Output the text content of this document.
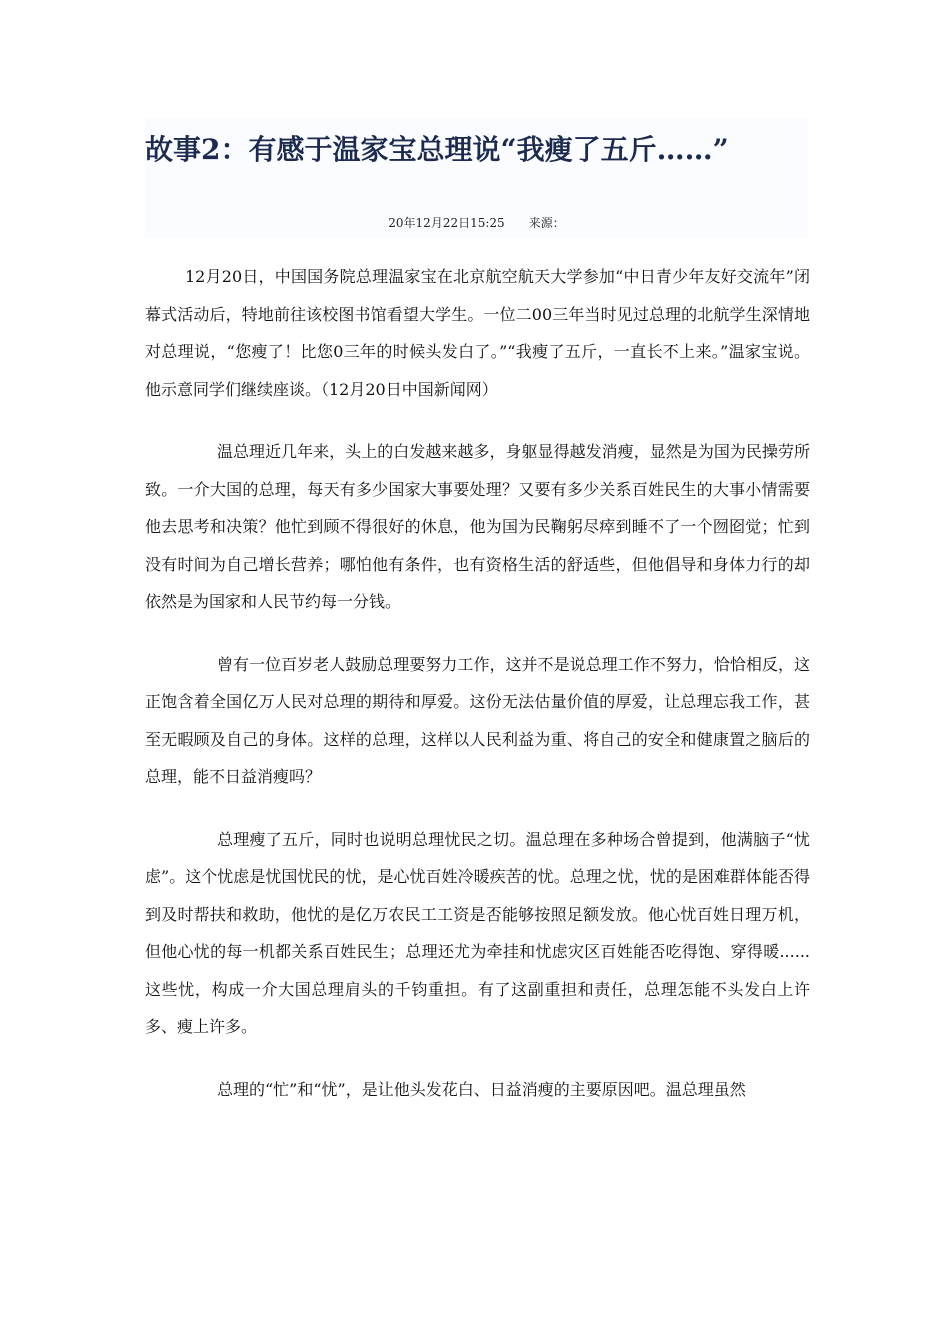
故事2：有感于温家宝总理说“我瘦了五斤……”
20年12月22日15:25 来源：

12月20日，中国国务院总理温家宝在北京航空航天大学参加“中日青少年友好交流年”闭幕式活动后，特地前往该校图书馆看望大学生。一位二00三年当时见过总理的北航学生深情地对总理说，“您瘦了！比您0三年的时候头发白了。”“我瘦了五斤，一直长不上来。”温家宝说。他示意同学们继续座谈。（12月20日中国新闻网）

温总理近几年来，头上的白发越来越多，身躯显得越发消瘦，显然是为国为民操劳所致。一介大国的总理，每天有多少国家大事要处理？又要有多少关系百姓民生的大事小情需要他去思考和决策？他忙到顾不得很好的休息，他为国为民鞠躬尽瘁到睡不了一个囫囵觉；忙到没有时间为自己增长营养；哪怕他有条件，也有资格生活的舒适些，但他倡导和身体力行的却依然是为国家和人民节约每一分钱。

曾有一位百岁老人鼓励总理要努力工作，这并不是说总理工作不努力，恰恰相反，这正饱含着全国亿万人民对总理的期待和厚爱。这份无法估量价值的厚爱，让总理忘我工作，甚至无暇顾及自己的身体。这样的总理，这样以人民利益为重、将自己的安全和健康置之脑后的总理，能不日益消瘦吗？

总理瘦了五斤，同时也说明总理忧民之切。温总理在多种场合曾提到，他满脑子“忧虑”。这个忧虑是忧国忧民的忧，是心忧百姓冷暖疾苦的忧。总理之忧，忧的是困难群体能否得到及时帮扶和救助，他忧的是亿万农民工工资是否能够按照足额发放。他心忧百姓日理万机，但他心忧的每一机都关系百姓民生；总理还尤为牵挂和忧虑灾区百姓能否吃得饱、穿得暖......这些忧，构成一介大国总理肩头的千钧重担。有了这副重担和责任，总理怎能不头发白上许多、瘦上许多。

总理的“忙”和“忧”，是让他头发花白、日益消瘦的主要原因吧。温总理虽然
